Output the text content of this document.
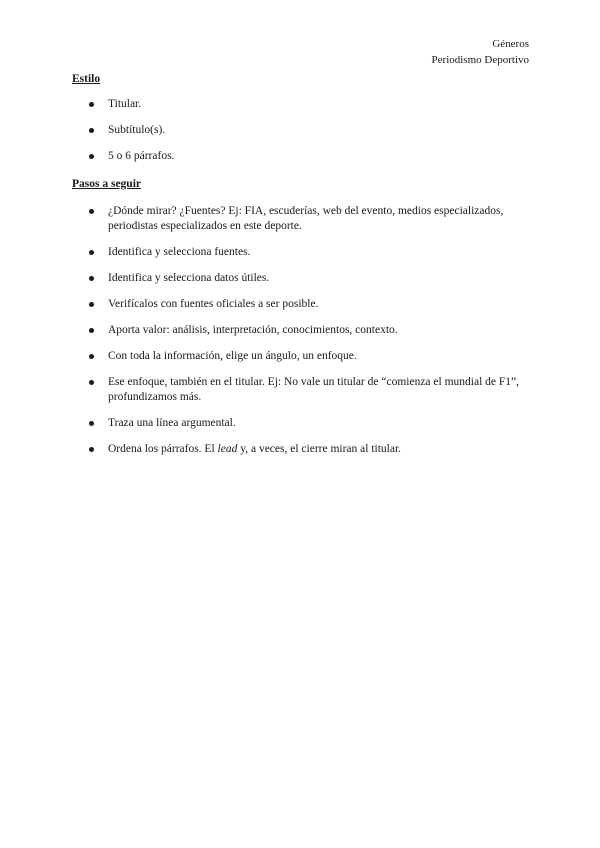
Géneros
Periodismo Deportivo
Estilo
Titular.
Subtítulo(s).
5 o 6 párrafos.
Pasos a seguir
¿Dónde mirar? ¿Fuentes? Ej: FIA, escuderías, web del evento, medios especializados, periodistas especializados en este deporte.
Identifica y selecciona fuentes.
Identifica y selecciona datos útiles.
Verifícalos con fuentes oficiales a ser posible.
Aporta valor: análisis, interpretación, conocimientos, contexto.
Con toda la información, elige un ángulo, un enfoque.
Ese enfoque, también en el titular. Ej: No vale un titular de “comienza el mundial de F1”, profundizamos más.
Traza una línea argumental.
Ordena los párrafos. El lead y, a veces, el cierre miran al titular.
